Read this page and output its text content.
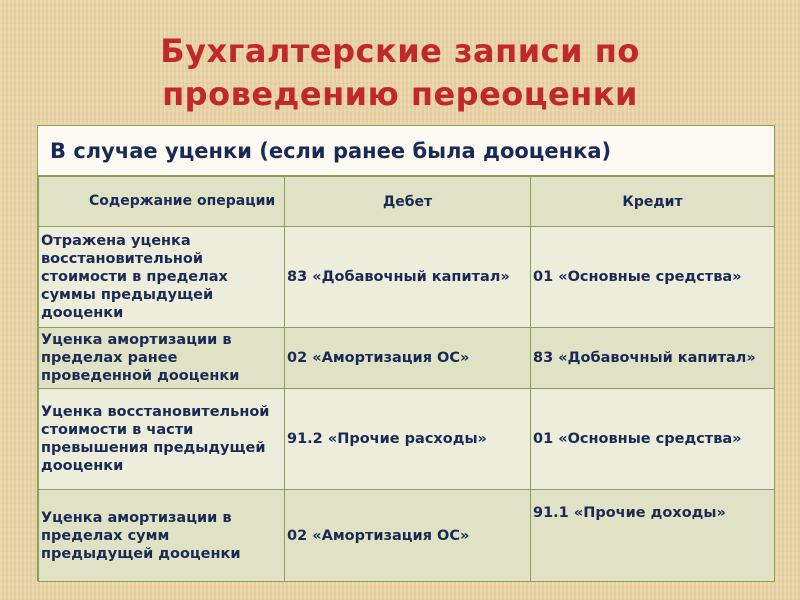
Бухгалтерские записи по
проведению переоценки
В случае уценки (если ранее была дооценка)
Содержание операции	Дебет	Кредит
Отражена уценка восстановительной стоимости в пределах суммы предыдущей дооценки	83 «Добавочный капитал»	01 «Основные средства»
Уценка амортизации в пределах ранее проведенной дооценки	02 «Амортизация ОС»	83 «Добавочный капитал»
Уценка восстановительной стоимости в части превышения предыдущей дооценки	91.2 «Прочие расходы»	01 «Основные средства»
Уценка амортизации в пределах сумм предыдущей дооценки	02 «Амортизация ОС»	91.1 «Прочие доходы»
